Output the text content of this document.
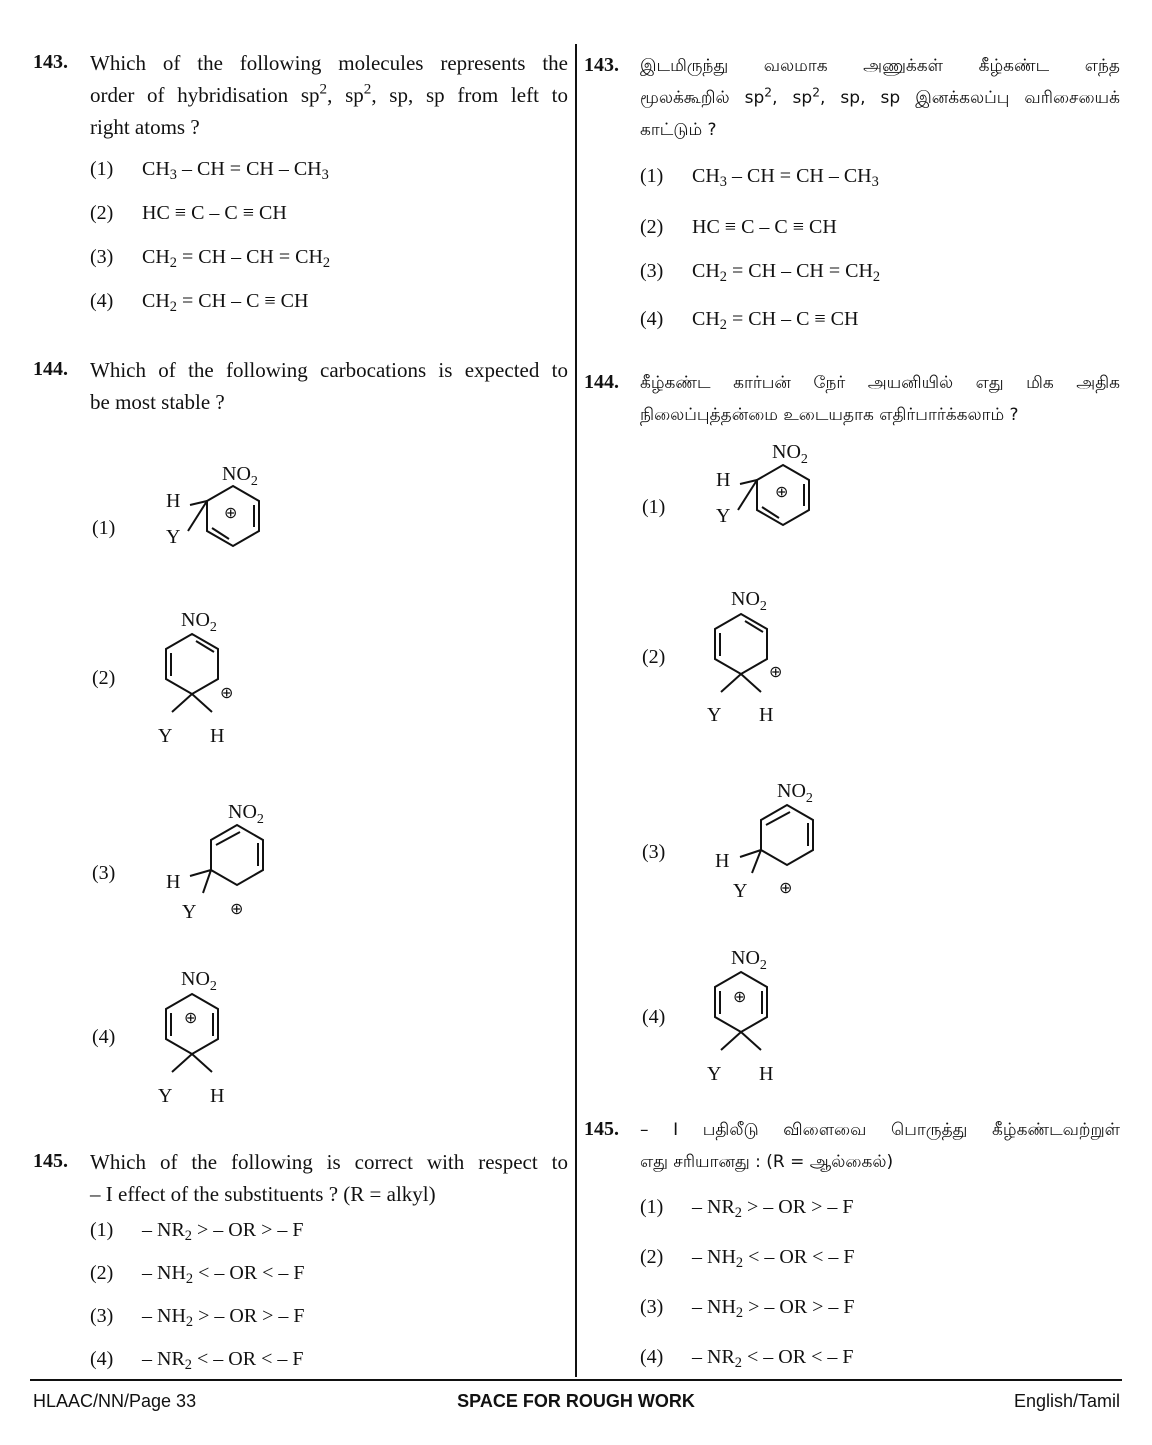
143. Which of the following molecules represents the
order of hybridisation $sp^2$, $sp^2$, sp, sp from left to
right atoms ?
(1) $CH_3$ – CH = CH – $CH_3$
(2) HC ≡ C – C ≡ CH
(3) $CH_2$ = CH – CH = $CH_2$
(4) $CH_2$ = CH – C ≡ CH
144. Which of the following carbocations is expected to
be most stable ?
(1)
(2)
(3)
(4)
$NO_2$
H
Y
⊕
$NO_2$
⊕
Y H
$NO_2$
H
Y ⊕
$NO_2$
⊕
Y H
145. Which of the following is correct with respect to
– I effect of the substituents ? (R = alkyl)
$(1) - NR_2$ > – OR > – F
$(2) - NH_2$ < – OR < – F
$(3) - NH_2$ > – OR > – F
$(4) - NR_2$ < – OR < – F
143. இடமிருந்து வலமாக அணுக்கள் கீழ்கண்ட எந்த
மூலக்கூறில் $sp^2$, $sp^2$, sp, sp இனக்கலப்பு வரிசையைக்
காட்டும் ?
(1) $CH_3$ – CH = CH – $CH_3$
(2) HC ≡ C – C ≡ CH
(3) $CH_2$ = CH – CH = $CH_2$
(4) $CH_2$ = CH – C ≡ CH
144. கீழ்கண்ட கார்பன் நேர் அயனியில் எது மிக அதிக
நிலைப்புத்தன்மை உடையதாக எதிர்பார்க்கலாம் ?
(1)
(2)
(3)
(4)
$NO_2$
H
Y
⊕
$NO_2$
⊕
Y H
$NO_2$
H
Y ⊕
$NO_2$
⊕
Y H
145. – I பதிலீடு விளைவை பொருத்து கீழ்கண்டவற்றுள்
எது சரியானது : (R = ஆல்கைல்)
$(1) - NR_2$ > – OR > – F
$(2) - NH_2$ < – OR < – F
$(3) - NH_2$ > – OR > – F
$(4) - NR_2$ < – OR < – F
HLAAC/NN/Page 33	SPACE FOR ROUGH WORK	English/Tamil
